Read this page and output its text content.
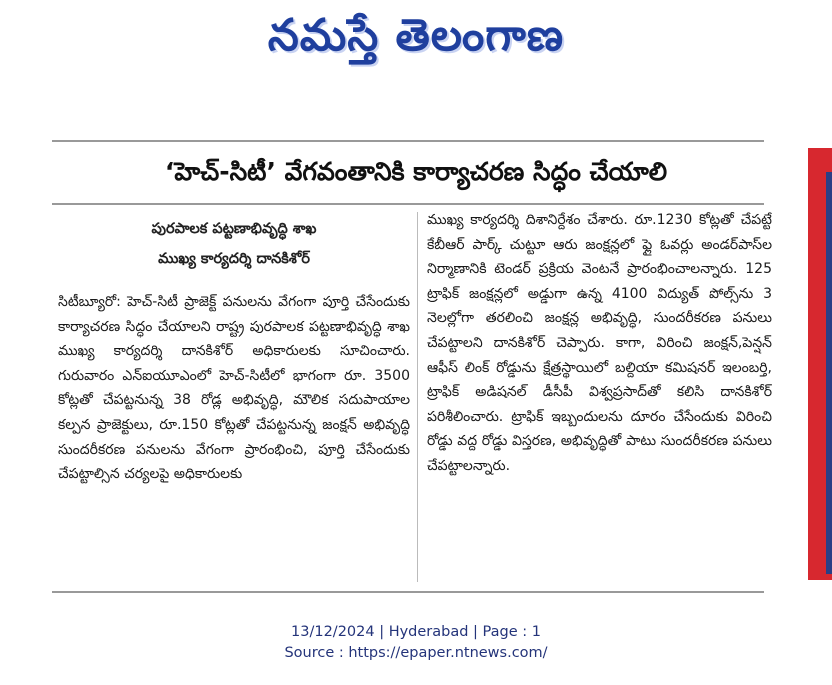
నమస్తే తెలంగాణ
‘హెచ్‌-సిటీ’ వేగవంతానికి కార్యాచరణ సిద్ధం చేయాలి
పురపాలక పట్టణాభివృద్ధి శాఖ
ముఖ్య కార్యదర్శి దానకిశోర్‌

సిటీబ్యూరో: హెచ్‌-సిటీ ప్రాజెక్ట్‌ పనులను వేగంగా పూర్తి చేసేందుకు కార్యాచరణ సిద్ధం చేయాలని రాష్ట్ర పురపాలక పట్టణాభివృద్ధి శాఖ ముఖ్య కార్యదర్శి దానకిశోర్‌ అధికారులకు సూచించారు. గురువారం ఎన్‌ఐయూఎంలో హెచ్‌-సిటీలో భాగంగా రూ. 3500 కోట్లతో చేపట్టనున్న 38 రోడ్ల అభివృద్ధి, మౌలిక సదుపాయాల కల్పన ప్రాజెక్టులు, రూ.150 కోట్లతో చేపట్టనున్న జంక్షన్‌ అభివృద్ధి సుందరీకరణ పనులను వేగంగా ప్రారంభించి, పూర్తి చేసేందుకు చేపట్టాల్సిన చర్యలపై అధికారులకు

ముఖ్య కార్యదర్శి దిశానిర్దేశం చేశారు. రూ.1230 కోట్లతో చేపట్టే కేబీఆర్‌ పార్క్‌ చుట్టూ ఆరు జంక్షన్లలో ఫ్లై ఓవర్లు అండర్‌పాస్‌ల నిర్మాణానికి టెండర్‌ ప్రక్రియ వెంటనే ప్రారంభించాలన్నారు. 125 ట్రాఫిక్‌ జంక్షన్లలో అడ్డుగా ఉన్న 4100 విద్యుత్‌ పోల్స్‌ను 3 నెలల్లోగా తరలించి జంక్షన్ల అభివృద్ధి, సుందరీకరణ పనులు చేపట్టాలని దానకిశోర్‌ చెప్పారు. కాగా, విరించి జంక్షన్‌,పెన్షన్‌ ఆఫీస్‌ లింక్‌ రోడ్డును క్షేత్రస్థాయిలో బల్దియా కమిషనర్‌ ఇలంబర్తి, ట్రాఫిక్‌ అడిషనల్‌ డీసీపీ విశ్వప్రసాద్‌తో కలిసి దానకిశోర్‌ పరిశీలించారు. ట్రాఫిక్‌ ఇబ్బందులను దూరం చేసేందుకు విరించి రోడ్డు వద్ద రోడ్డు విస్తరణ, అభివృద్ధితో పాటు సుందరీకరణ పనులు చేపట్టాలన్నారు.

13/12/2024 | Hyderabad | Page : 1
Source : https://epaper.ntnews.com/
